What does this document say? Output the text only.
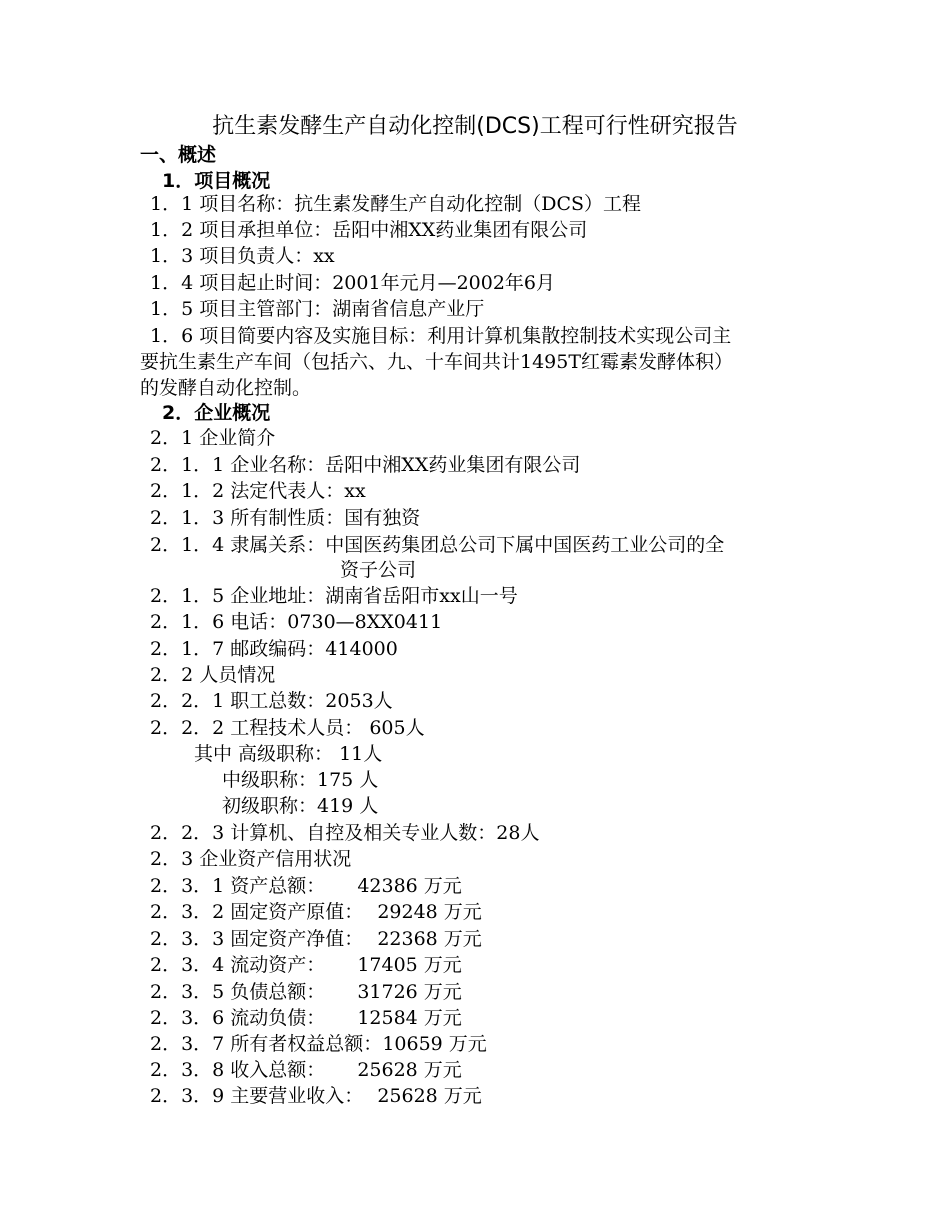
抗生素发酵生产自动化控制(DCS)工程可行性研究报告
一、概述
1．项目概况
1．1 项目名称：抗生素发酵生产自动化控制（DCS）工程
1．2 项目承担单位：岳阳中湘XX药业集团有限公司
1．3 项目负责人：xx
1．4 项目起止时间：2001年元月—2002年6月
1．5 项目主管部门：湖南省信息产业厅
1．6 项目简要内容及实施目标：利用计算机集散控制技术实现公司主
要抗生素生产车间（包括六、九、十车间共计1495T红霉素发酵体积）
的发酵自动化控制。
2．企业概况
2．1 企业简介
2．1．1 企业名称：岳阳中湘XX药业集团有限公司
2．1．2 法定代表人：xx
2．1．3 所有制性质：国有独资
2．1．4 隶属关系：中国医药集团总公司下属中国医药工业公司的全
资子公司
2．1．5 企业地址：湖南省岳阳市xx山一号
2．1．6 电话：0730—8XX0411
2．1．7 邮政编码：414000
2．2 人员情况
2．2．1 职工总数：2053人
2．2．2 工程技术人员： 605人
其中 高级职称： 11人
中级职称：175 人
初级职称：419 人
2．2．3 计算机、自控及相关专业人数：28人
2．3 企业资产信用状况
2．3．1 资产总额： 42386 万元
2．3．2 固定资产原值： 29248 万元
2．3．3 固定资产净值： 22368 万元
2．3．4 流动资产： 17405 万元
2．3．5 负债总额： 31726 万元
2．3．6 流动负债： 12584 万元
2．3．7 所有者权益总额：10659 万元
2．3．8 收入总额： 25628 万元
2．3．9 主要营业收入： 25628 万元
